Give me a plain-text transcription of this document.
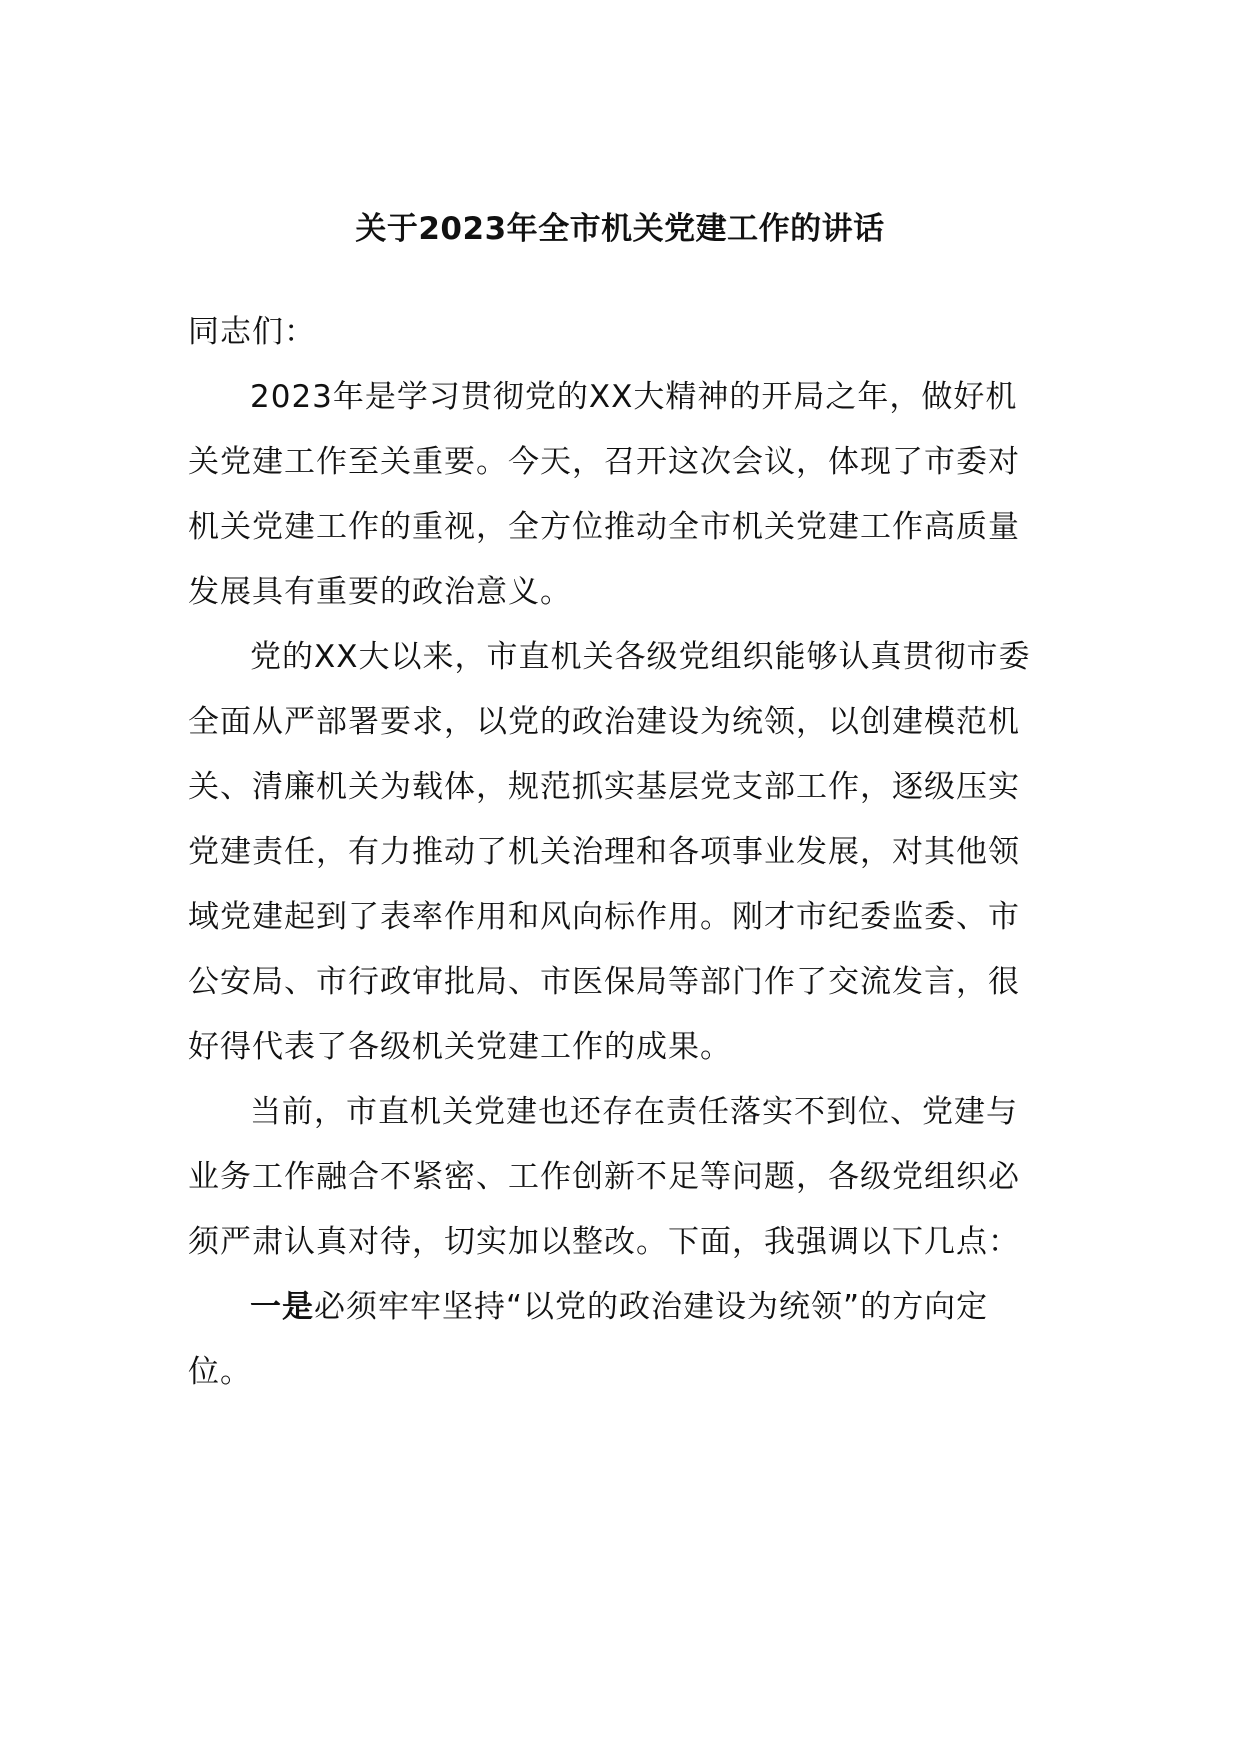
关于2023年全市机关党建工作的讲话

同志们：

2023年是学习贯彻党的XX大精神的开局之年，做好机关党建工作至关重要。今天，召开这次会议，体现了市委对机关党建工作的重视，全方位推动全市机关党建工作高质量发展具有重要的政治意义。

党的XX大以来，市直机关各级党组织能够认真贯彻市委全面从严部署要求，以党的政治建设为统领，以创建模范机关、清廉机关为载体，规范抓实基层党支部工作，逐级压实党建责任，有力推动了机关治理和各项事业发展，对其他领域党建起到了表率作用和风向标作用。刚才市纪委监委、市公安局、市行政审批局、市医保局等部门作了交流发言，很好得代表了各级机关党建工作的成果。

当前，市直机关党建也还存在责任落实不到位、党建与业务工作融合不紧密、工作创新不足等问题，各级党组织必须严肃认真对待，切实加以整改。下面，我强调以下几点：

一是必须牢牢坚持“以党的政治建设为统领”的方向定位。
